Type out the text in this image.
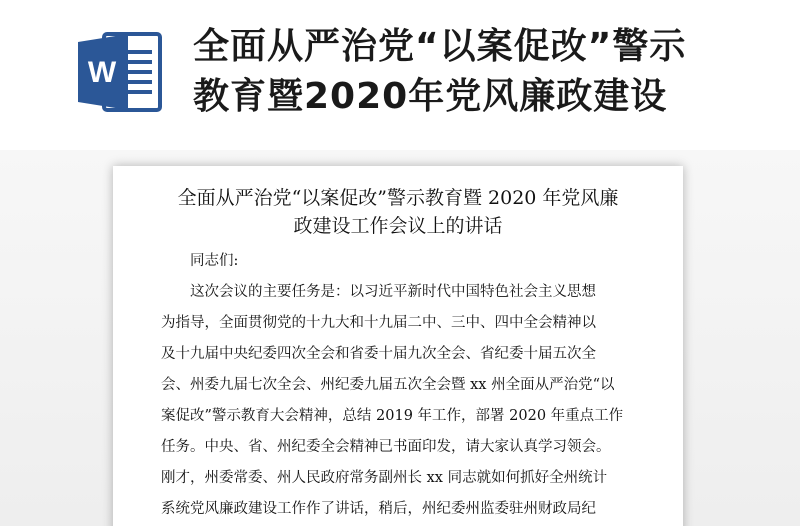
W
全面从严治党“以案促改”警示
教育暨2020年党风廉政建设
全面从严治党“以案促改”警示教育暨 2020 年党风廉
政建设工作会议上的讲话
同志们:
这次会议的主要任务是：以习近平新时代中国特色社会主义思想
为指导，全面贯彻党的十九大和十九届二中、三中、四中全会精神以
及十九届中央纪委四次全会和省委十届九次全会、省纪委十届五次全
会、州委九届七次全会、州纪委九届五次全会暨 xx 州全面从严治党“以
案促改”警示教育大会精神，总结 2019 年工作，部署 2020 年重点工作
任务。中央、省、州纪委全会精神已书面印发，请大家认真学习领会。
刚才，州委常委、州人民政府常务副州长 xx 同志就如何抓好全州统计
系统党风廉政建设工作作了讲话，稍后，州纪委州监委驻州财政局纪
